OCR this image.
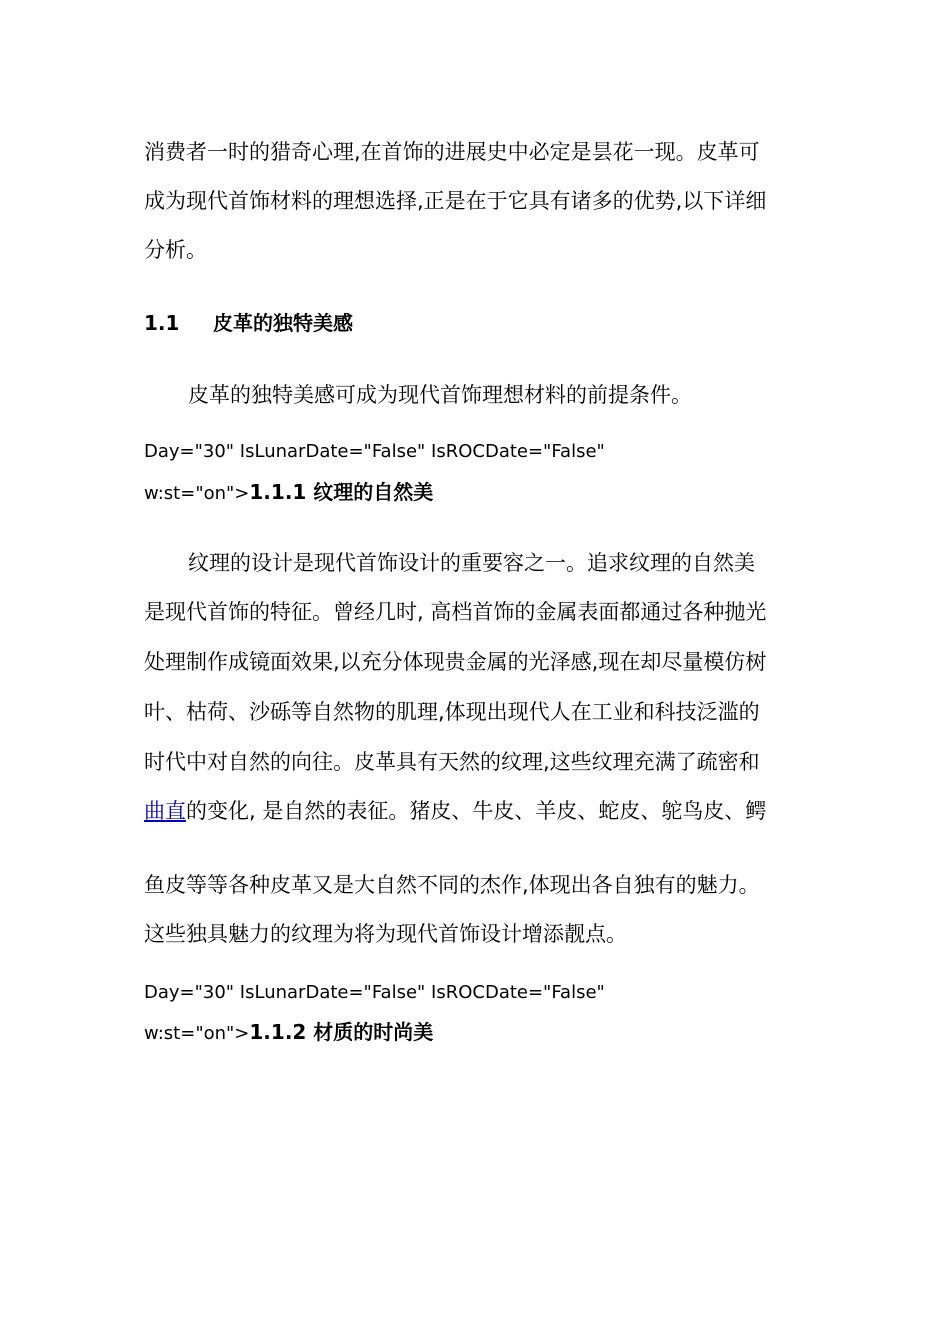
消费者一时的猎奇心理,在首饰的进展史中必定是昙花一现。皮革可
成为现代首饰材料的理想选择,正是在于它具有诸多的优势,以下详细
分析。
1.1 皮革的独特美感
皮革的独特美感可成为现代首饰理想材料的前提条件。
Day="30" IsLunarDate="False" IsROCDate="False"
w:st="on">1.1.1 纹理的自然美
纹理的设计是现代首饰设计的重要容之一。追求纹理的自然美
是现代首饰的特征。曾经几时, 高档首饰的金属表面都通过各种抛光
处理制作成镜面效果,以充分体现贵金属的光泽感,现在却尽量模仿树
叶、枯荷、沙砾等自然物的肌理,体现出现代人在工业和科技泛滥的
时代中对自然的向往。皮革具有天然的纹理,这些纹理充满了疏密和
曲直的变化, 是自然的表征。猪皮、牛皮、羊皮、蛇皮、鸵鸟皮、鳄
鱼皮等等各种皮革又是大自然不同的杰作,体现出各自独有的魅力。
这些独具魅力的纹理为将为现代首饰设计增添靓点。
Day="30" IsLunarDate="False" IsROCDate="False"
w:st="on">1.1.2 材质的时尚美
